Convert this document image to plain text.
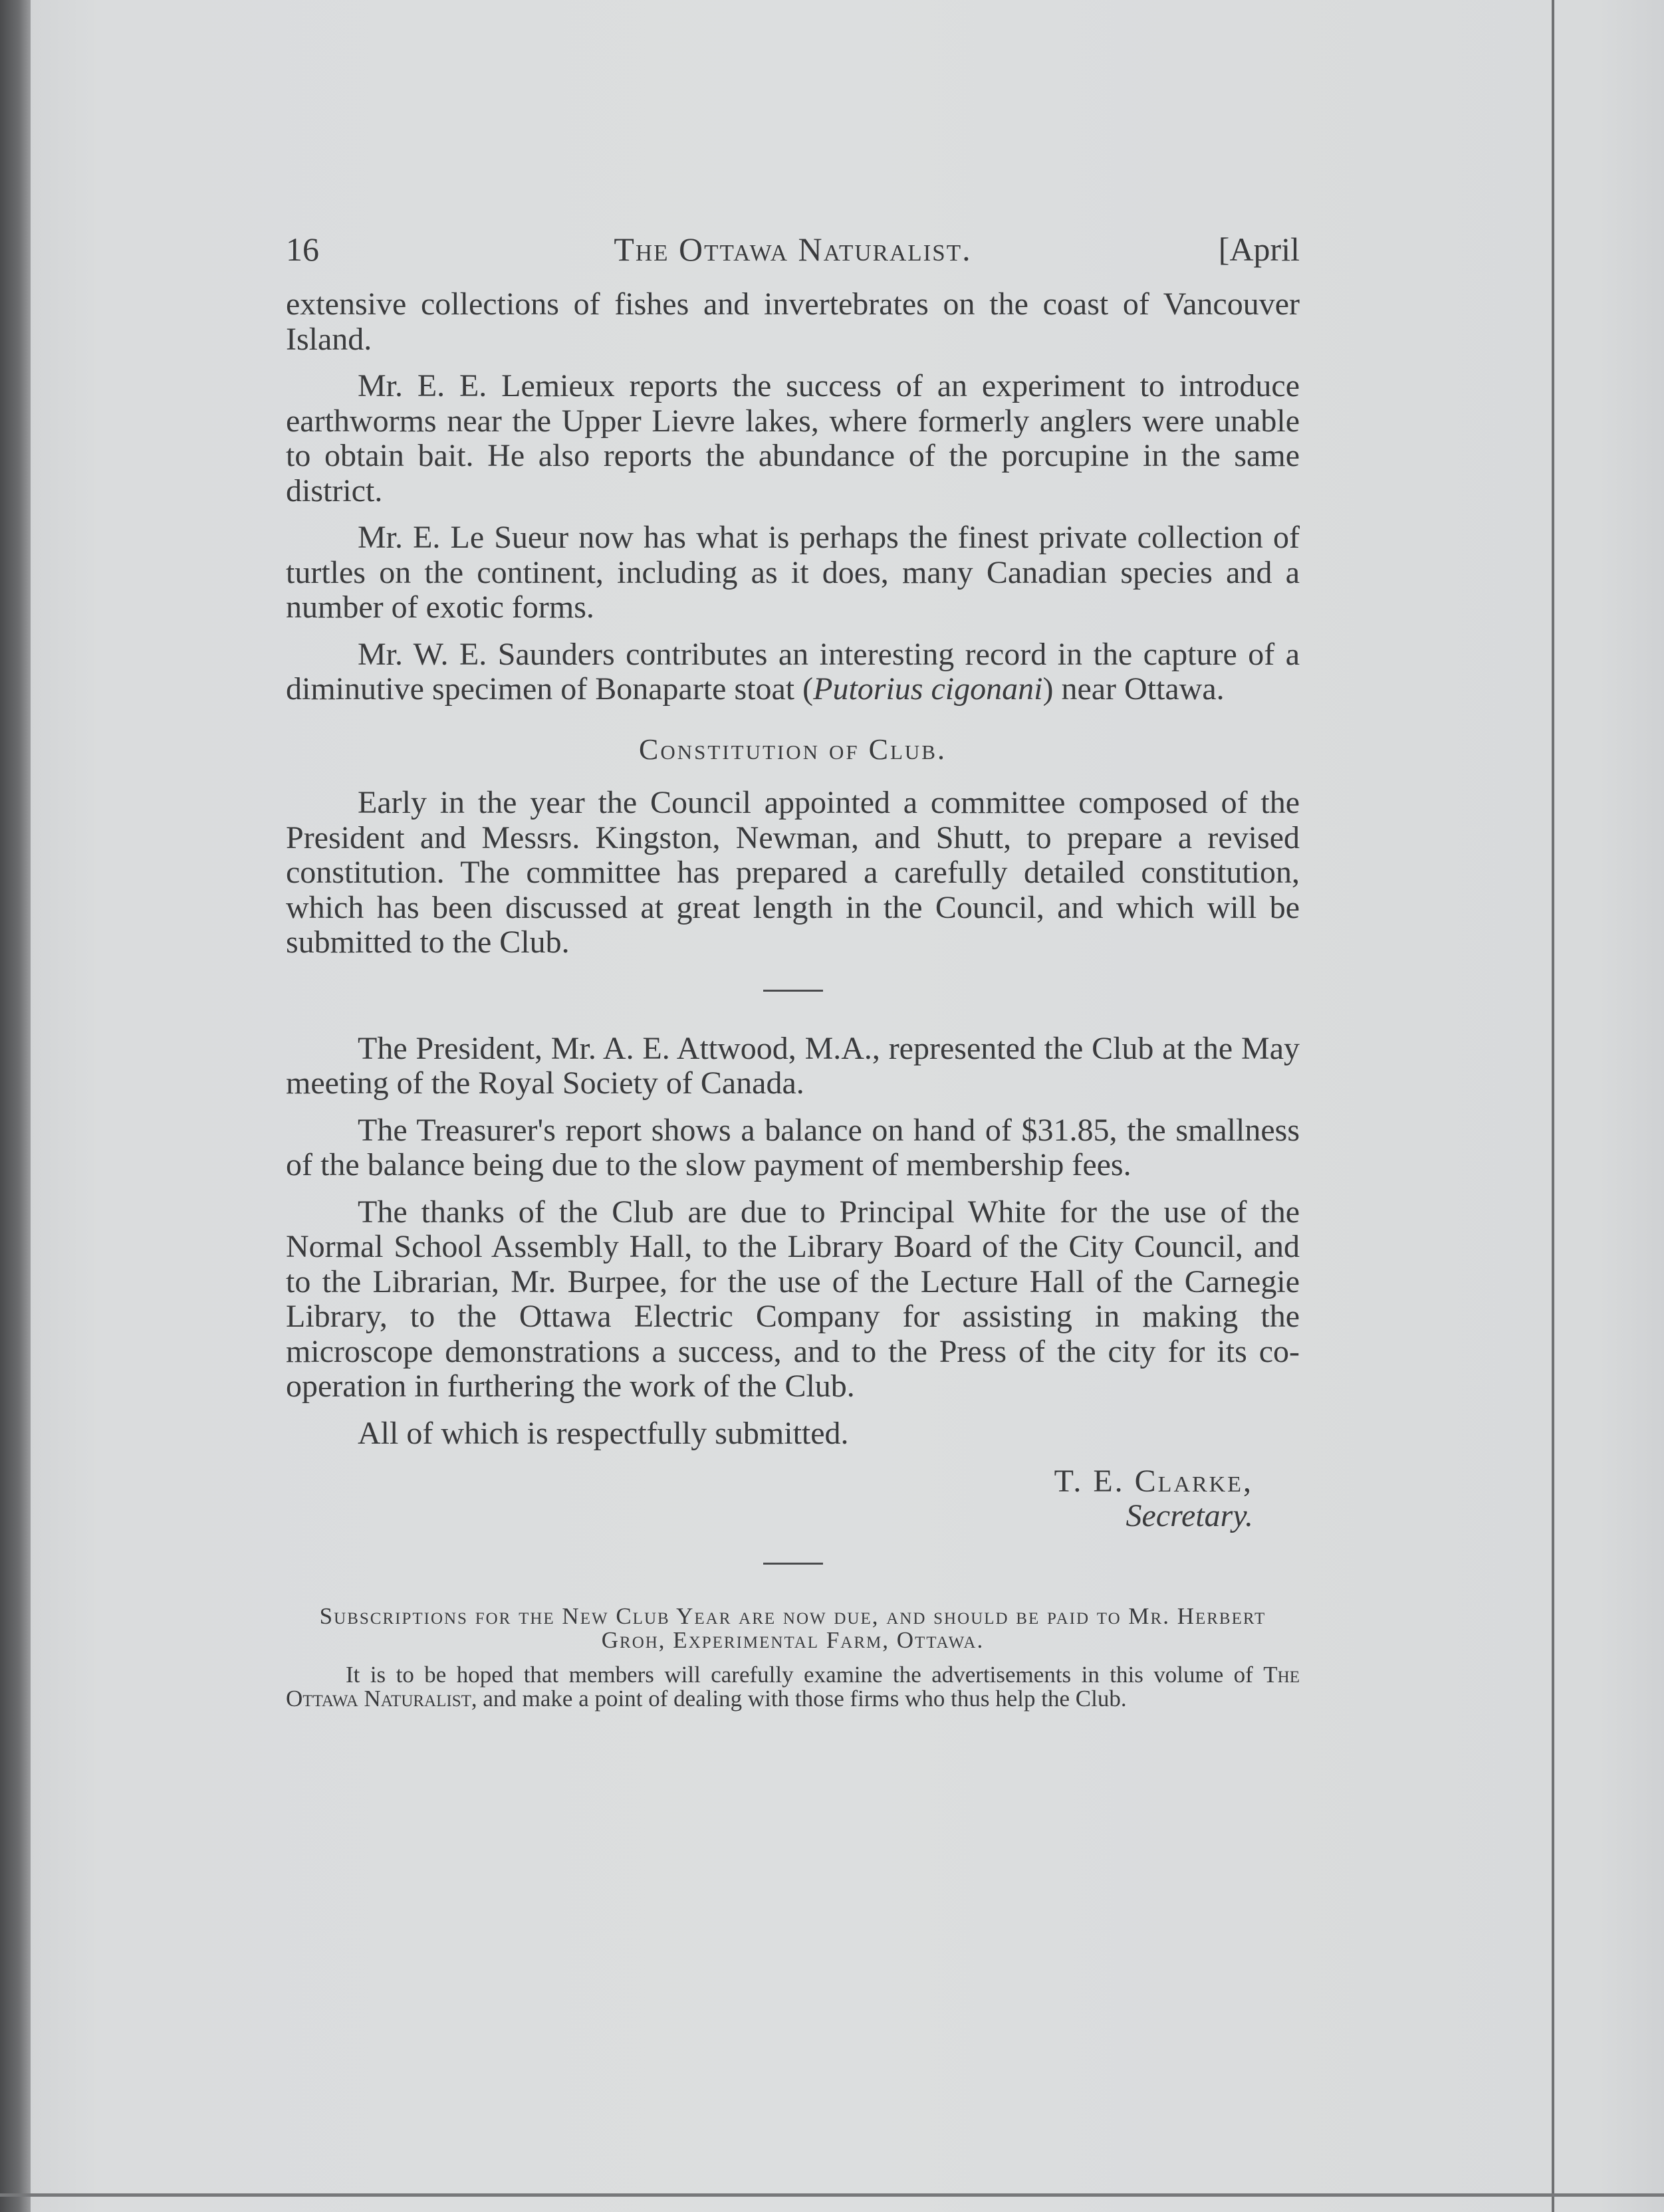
16	The Ottawa Naturalist.	[April

extensive collections of fishes and invertebrates on the coast of Vancouver Island.

Mr. E. E. Lemieux reports the success of an experiment to introduce earthworms near the Upper Lievre lakes, where formerly anglers were unable to obtain bait. He also reports the abundance of the porcupine in the same district.

Mr. E. Le Sueur now has what is perhaps the finest private collection of turtles on the continent, including as it does, many Canadian species and a number of exotic forms.

Mr. W. E. Saunders contributes an interesting record in the capture of a diminutive specimen of Bonaparte stoat (Putorius cigonani) near Ottawa.

Constitution of Club.

Early in the year the Council appointed a committee composed of the President and Messrs. Kingston, Newman, and Shutt, to prepare a revised constitution. The committee has prepared a carefully detailed constitution, which has been discussed at great length in the Council, and which will be submitted to the Club.

The President, Mr. A. E. Attwood, M.A., represented the Club at the May meeting of the Royal Society of Canada.

The Treasurer's report shows a balance on hand of $31.85, the smallness of the balance being due to the slow payment of membership fees.

The thanks of the Club are due to Principal White for the use of the Normal School Assembly Hall, to the Library Board of the City Council, and to the Librarian, Mr. Burpee, for the use of the Lecture Hall of the Carnegie Library, to the Ottawa Electric Company for assisting in making the microscope demonstrations a success, and to the Press of the city for its co-operation in furthering the work of the Club.

All of which is respectfully submitted.

T. E. Clarke,
Secretary.
Subscriptions for the New Club Year are now due, and should be paid to Mr. Herbert Groh, Experimental Farm, Ottawa.

It is to be hoped that members will carefully examine the advertisements in this volume of The Ottawa Naturalist, and make a point of dealing with those firms who thus help the Club.
